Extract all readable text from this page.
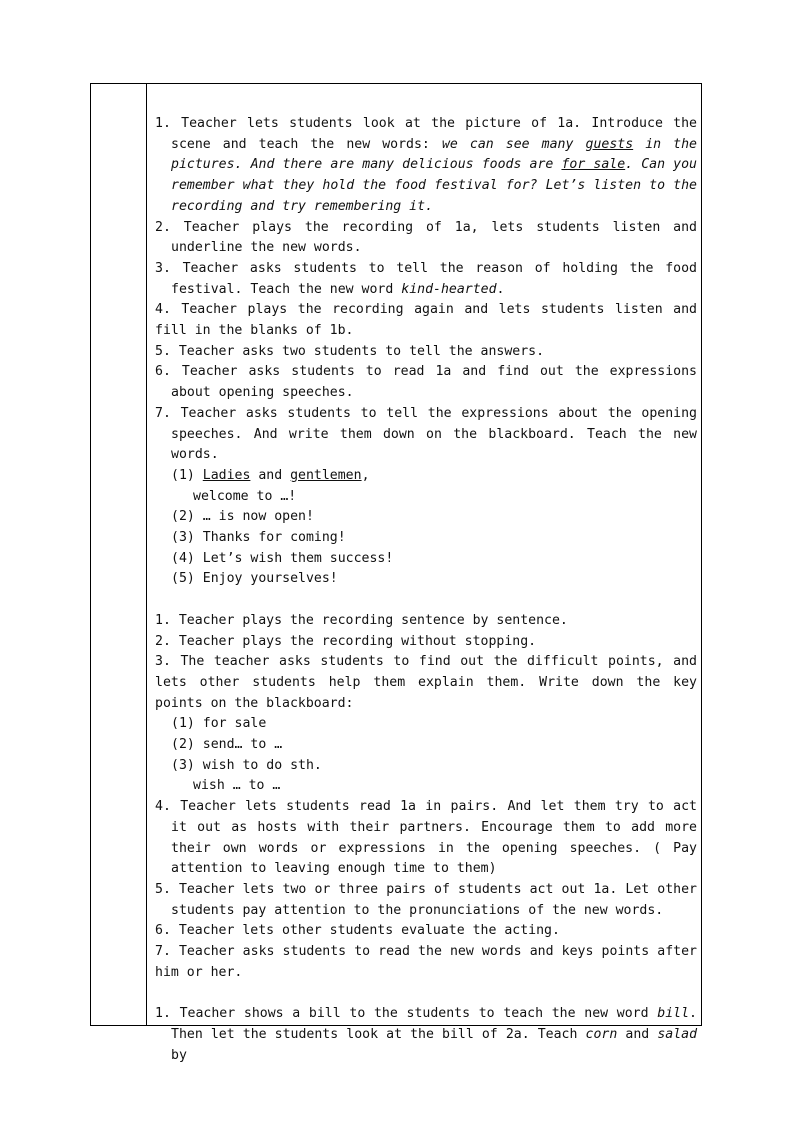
1. Teacher lets students look at the picture of 1a. Introduce the scene and teach the new words: we can see many guests in the pictures. And there are many delicious foods are for sale. Can you remember what they hold the food festival for? Let’s listen to the recording and try remembering it.

2. Teacher plays the recording of 1a, lets students listen and underline the new words.

3. Teacher asks students to tell the reason of holding the food festival. Teach the new word kind-hearted.

4. Teacher plays the recording again and lets students listen and fill in the blanks of 1b.

5. Teacher asks two students to tell the answers.

6. Teacher asks students to read 1a and find out the expressions about opening speeches.

7. Teacher asks students to tell the expressions about the opening speeches. And write them down on the blackboard. Teach the new words.

(1) Ladies and gentlemen,

welcome to …!

(2) … is now open!

(3) Thanks for coming!

(4) Let’s wish them success!

(5) Enjoy yourselves!

1. Teacher plays the recording sentence by sentence.

2. Teacher plays the recording without stopping.

3. The teacher asks students to find out the difficult points, and lets other students help them explain them. Write down the key points on the blackboard:

(1) for sale

(2) send… to …

(3) wish to do sth.

wish … to …

4. Teacher lets students read 1a in pairs. And let them try to act it out as hosts with their partners. Encourage them to add more their own words or expressions in the opening speeches. ( Pay attention to leaving enough time to them)

5. Teacher lets two or three pairs of students act out 1a. Let other students pay attention to the pronunciations of the new words.

6. Teacher lets other students evaluate the acting.

7. Teacher asks students to read the new words and keys points after him or her.

1. Teacher shows a bill to the students to teach the new word bill. Then let the students look at the bill of 2a. Teach corn and salad by
